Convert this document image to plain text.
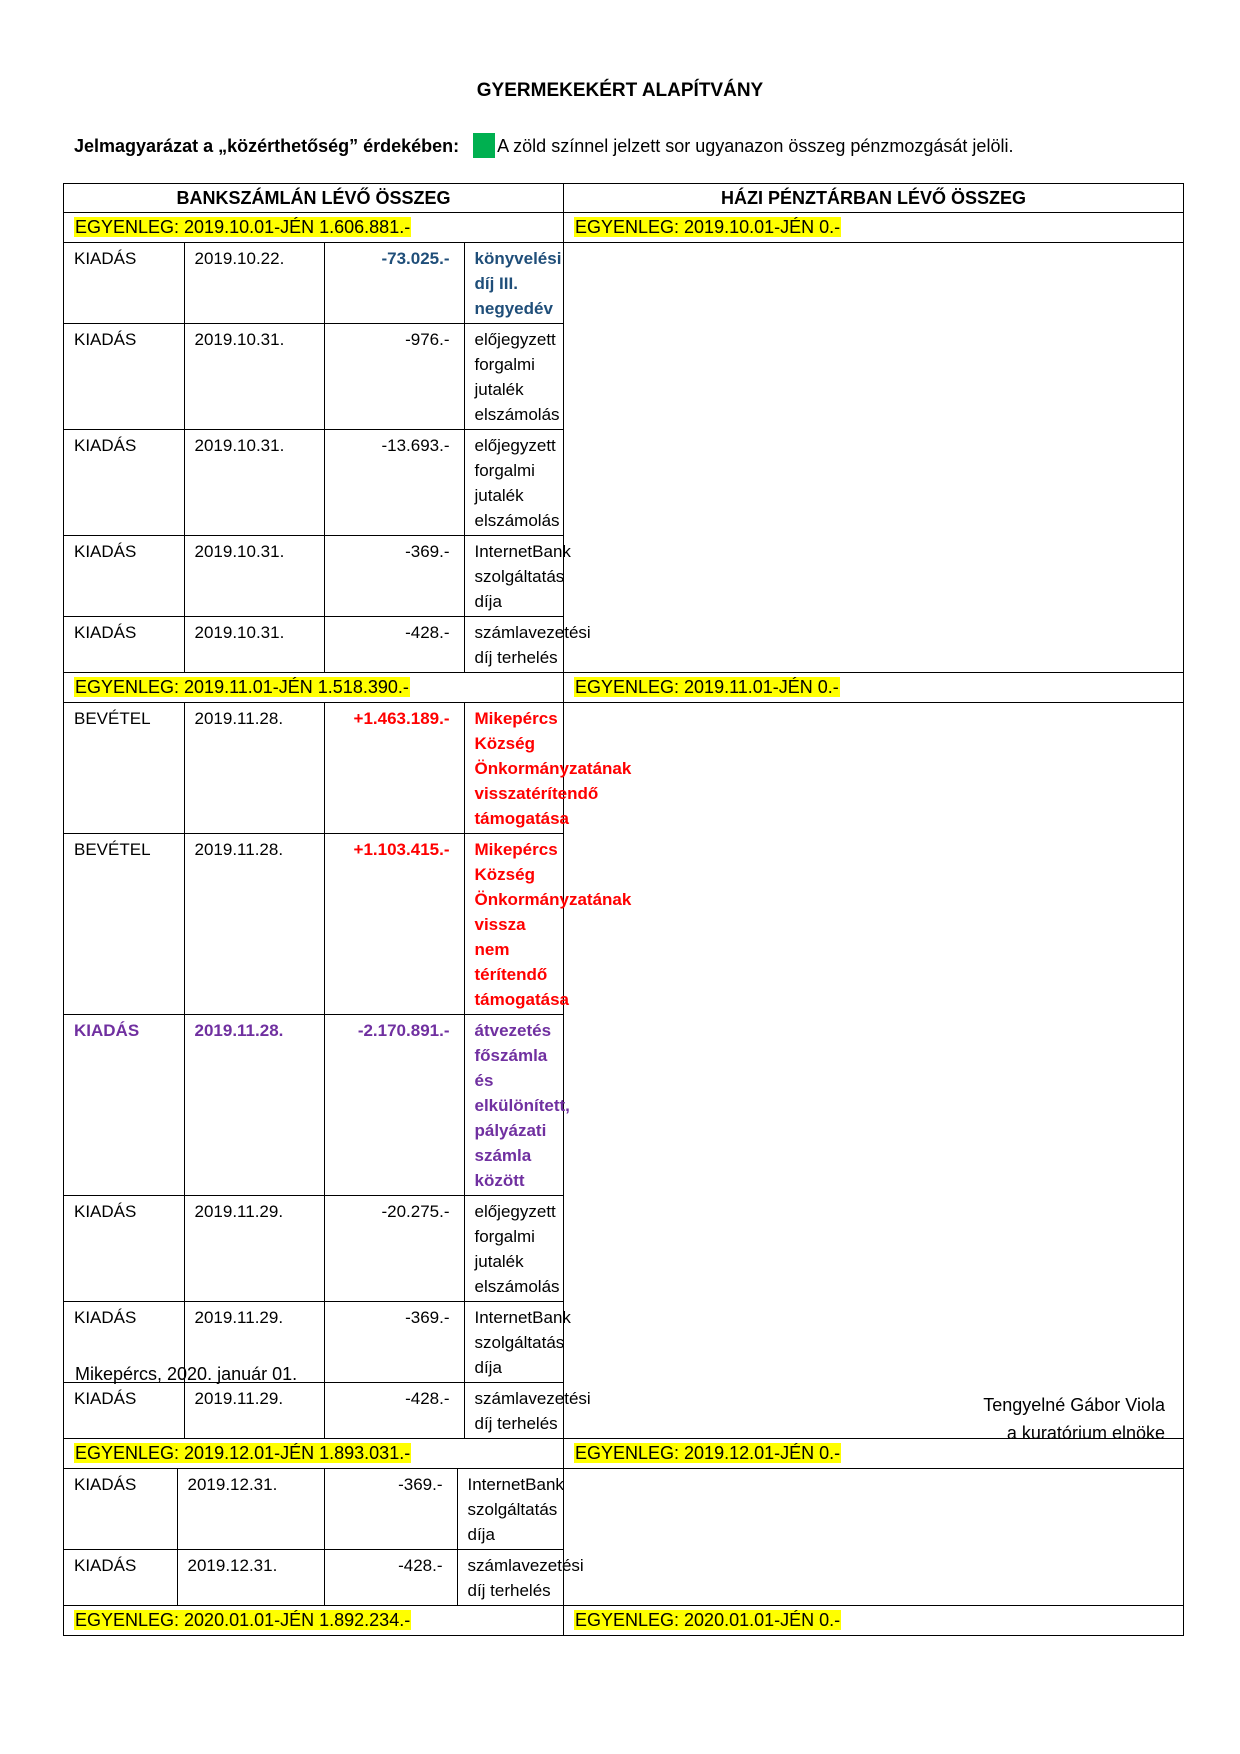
GYERMEKEKÉRT ALAPÍTVÁNY
Jelmagyarázat a „közérthetőség” érdekében: A zöld színnel jelzett sor ugyanazon összeg pénzmozgását jelöli.
BANKSZÁMLÁN LÉVŐ ÖSSZEG	HÁZI PÉNZTÁRBAN LÉVŐ ÖSSZEG
EGYENLEG: 2019.10.01-JÉN 1.606.881.-	EGYENLEG: 2019.10.01-JÉN 0.-

KIADÁS	2019.10.22.	-73.025.-	könyvelési díj III. negyedév
KIADÁS	2019.10.31.	-976.-	előjegyzett forgalmi jutalék elszámolás
KIADÁS	2019.10.31.	-13.693.-	előjegyzett forgalmi jutalék elszámolás
KIADÁS	2019.10.31.	-369.-	InternetBank szolgáltatás díja
KIADÁS	2019.10.31.	-428.-	számlavezetési díj terhelés

EGYENLEG: 2019.11.01-JÉN 1.518.390.-	EGYENLEG: 2019.11.01-JÉN 0.-

BEVÉTEL	2019.11.28.	+1.463.189.-	Mikepércs Község Önkormányzatának visszatérítendő támogatása
BEVÉTEL	2019.11.28.	+1.103.415.-	Mikepércs Község Önkormányzatának vissza nem térítendő támogatása
KIADÁS	2019.11.28.	-2.170.891.-	átvezetés főszámla és elkülönített, pályázati számla között
KIADÁS	2019.11.29.	-20.275.-	előjegyzett forgalmi jutalék elszámolás
KIADÁS	2019.11.29.	-369.-	InternetBank szolgáltatás díja
KIADÁS	2019.11.29.	-428.-	számlavezetési díj terhelés

EGYENLEG: 2019.12.01-JÉN 1.893.031.-	EGYENLEG: 2019.12.01-JÉN 0.-

KIADÁS	2019.12.31.	-369.-	InternetBank szolgáltatás díja
KIADÁS	2019.12.31.	-428.-	számlavezetési díj terhelés

EGYENLEG: 2020.01.01-JÉN 1.892.234.-	EGYENLEG: 2020.01.01-JÉN 0.-
Mikepércs, 2020. január 01.
Tengyelné Gábor Viola
a kuratórium elnöke
